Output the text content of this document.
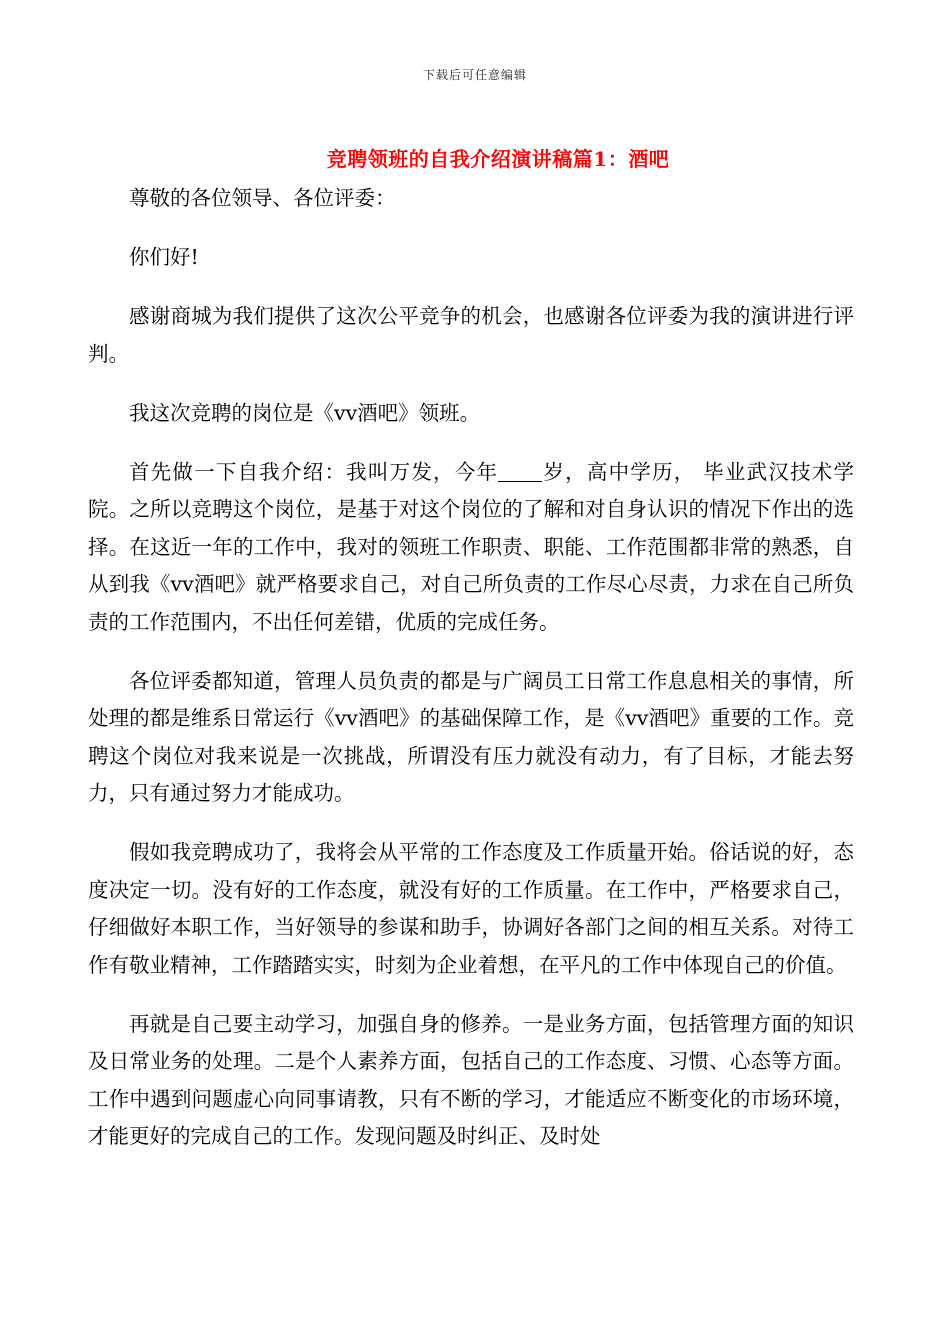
下载后可任意编辑
竞聘领班的自我介绍演讲稿篇1：酒吧

尊敬的各位领导、各位评委：

你们好!

感谢商城为我们提供了这次公平竞争的机会，也感谢各位评委为我的演讲进行评判。

我这次竞聘的岗位是《vv酒吧》领班。

首先做一下自我介绍：我叫万发，今年 岁，高中学历， 毕业武汉技术学院。之所以竞聘这个岗位，是基于对这个岗位的了解和对自身认识的情况下作出的选择。在这近一年的工作中，我对的领班工作职责、职能、工作范围都非常的熟悉，自从到我《vv酒吧》就严格要求自己，对自己所负责的工作尽心尽责，力求在自己所负责的工作范围内，不出任何差错，优质的完成任务。

各位评委都知道，管理人员负责的都是与广阔员工日常工作息息相关的事情，所处理的都是维系日常运行《vv酒吧》的基础保障工作，是《vv酒吧》重要的工作。竞聘这个岗位对我来说是一次挑战，所谓没有压力就没有动力，有了目标，才能去努力，只有通过努力才能成功。

假如我竞聘成功了，我将会从平常的工作态度及工作质量开始。俗话说的好，态度决定一切。没有好的工作态度，就没有好的工作质量。在工作中，严格要求自己，仔细做好本职工作，当好领导的参谋和助手，协调好各部门之间的相互关系。对待工作有敬业精神，工作踏踏实实，时刻为企业着想，在平凡的工作中体现自己的价值。

再就是自己要主动学习，加强自身的修养。一是业务方面，包括管理方面的知识及日常业务的处理。二是个人素养方面，包括自己的工作态度、习惯、心态等方面。工作中遇到问题虚心向同事请教，只有不断的学习，才能适应不断变化的市场环境，才能更好的完成自己的工作。发现问题及时纠正、及时处
